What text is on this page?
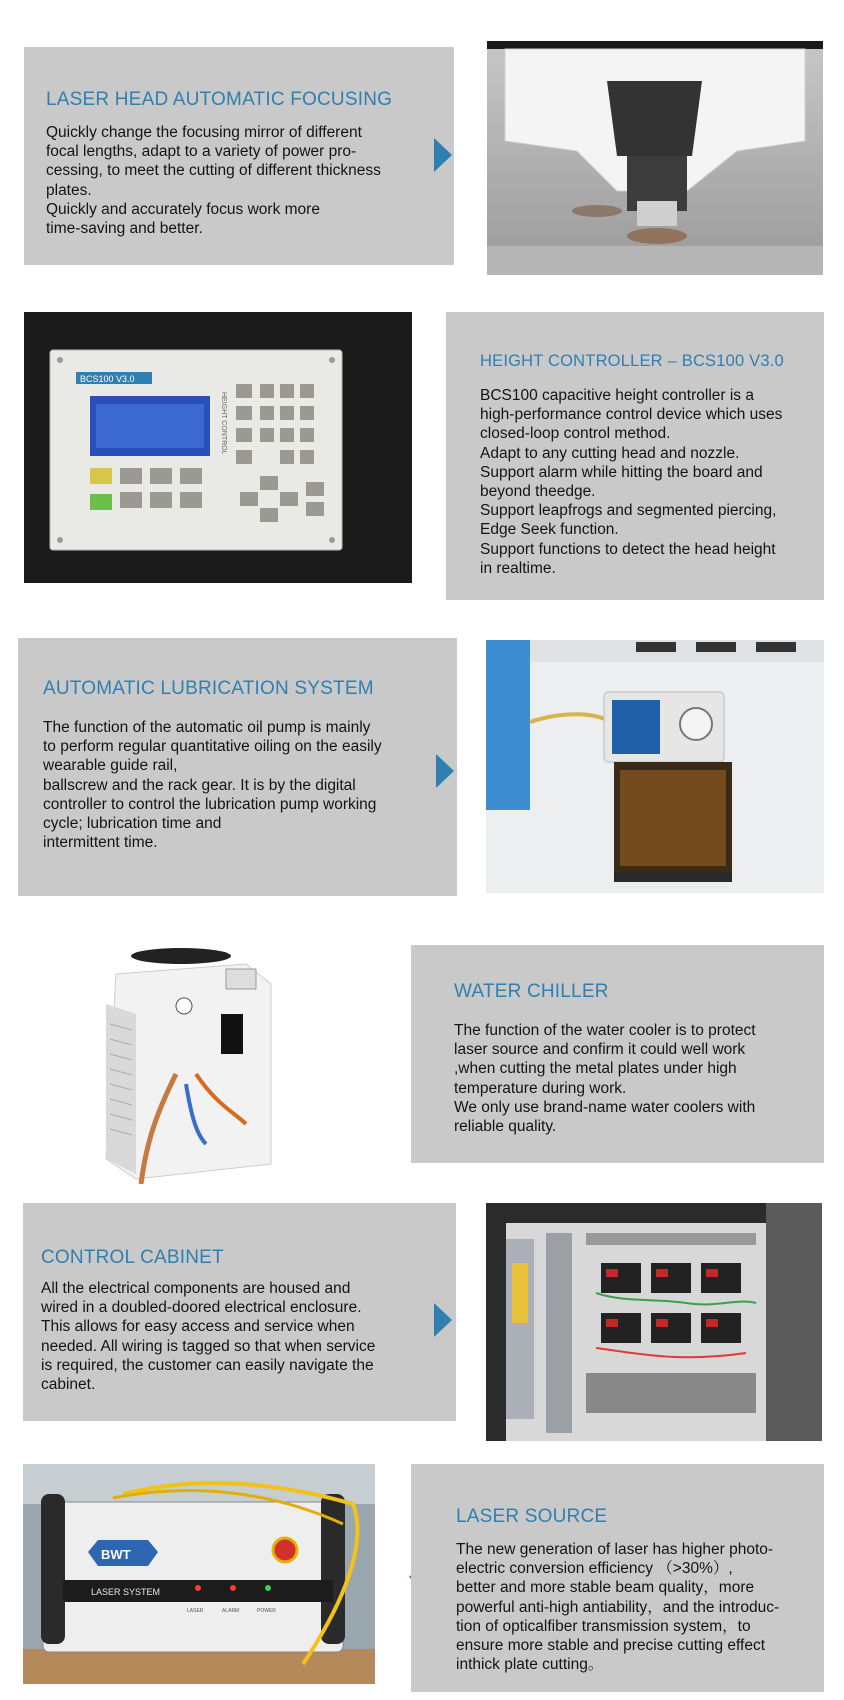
LASER HEAD AUTOMATIC FOCUSING
Quickly change the focusing mirror of different
focal lengths, adapt to a variety of power pro-
cessing, to meet the cutting of different thickness
plates.
Quickly and accurately focus work more
time-saving and better.
BCS100 V3.0
HEIGHT CONTROL
HEIGHT CONTROLLER – BCS100 V3.0
BCS100 capacitive height controller is a
high-performance control device which uses
closed-loop control method.
Adapt to any cutting head and nozzle.
Support alarm while hitting the board and
beyond theedge.
Support leapfrogs and segmented piercing,
Edge Seek function.
Support functions to detect the head height
in realtime.
AUTOMATIC LUBRICATION SYSTEM
The function of the automatic oil pump is mainly
to perform regular quantitative oiling on the easily
wearable guide rail,
ballscrew and the rack gear. It is by the digital
controller to control the lubrication pump working
cycle; lubrication time and
intermittent time.
WATER CHILLER
The function of the water cooler is to protect
laser source and confirm it could well work
,when cutting the metal plates under high
temperature during work.
We only use brand-name water coolers with
reliable quality.
CONTROL CABINET
All the electrical components are housed and
wired in a doubled-doored electrical enclosure.
This allows for easy access and service when
needed. All wiring is tagged so that when service
is required, the customer can easily navigate the
cabinet.
BWT
LASER SYSTEM
LASER	ALARM	POWER
LASER SOURCE
The new generation of laser has higher photo-
electric conversion efficiency （>30%）,
better and more stable beam quality，more
powerful anti-high antiability，and the introduc-
tion of opticalfiber transmission system，to
ensure more stable and precise cutting effect
inthick plate cutting。
